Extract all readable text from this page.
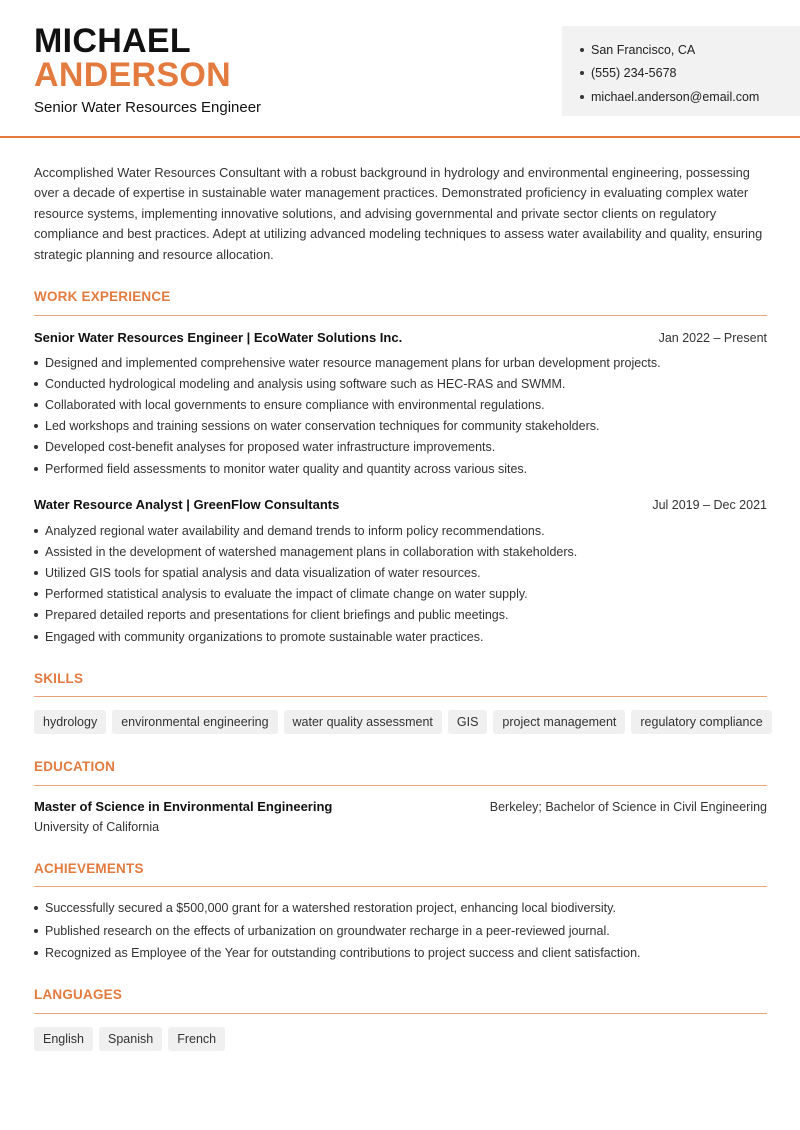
MICHAEL
ANDERSON
Senior Water Resources Engineer
San Francisco, CA
(555) 234-5678
michael.anderson@email.com

Accomplished Water Resources Consultant with a robust background in hydrology and environmental engineering, possessing over a decade of expertise in sustainable water management practices. Demonstrated proficiency in evaluating complex water resource systems, implementing innovative solutions, and advising governmental and private sector clients on regulatory compliance and best practices. Adept at utilizing advanced modeling techniques to assess water availability and quality, ensuring strategic planning and resource allocation.

WORK EXPERIENCE
Senior Water Resources Engineer | EcoWater Solutions Inc.	Jan 2022 – Present
Designed and implemented comprehensive water resource management plans for urban development projects.
Conducted hydrological modeling and analysis using software such as HEC-RAS and SWMM.
Collaborated with local governments to ensure compliance with environmental regulations.
Led workshops and training sessions on water conservation techniques for community stakeholders.
Developed cost-benefit analyses for proposed water infrastructure improvements.
Performed field assessments to monitor water quality and quantity across various sites.
Water Resource Analyst | GreenFlow Consultants	Jul 2019 – Dec 2021
Analyzed regional water availability and demand trends to inform policy recommendations.
Assisted in the development of watershed management plans in collaboration with stakeholders.
Utilized GIS tools for spatial analysis and data visualization of water resources.
Performed statistical analysis to evaluate the impact of climate change on water supply.
Prepared detailed reports and presentations for client briefings and public meetings.
Engaged with community organizations to promote sustainable water practices.
SKILLS
hydrology	environmental engineering	water quality assessment	GIS	project management	regulatory compliance
EDUCATION
Master of Science in Environmental Engineering	Berkeley; Bachelor of Science in Civil Engineering
University of California
ACHIEVEMENTS
Successfully secured a $500,000 grant for a watershed restoration project, enhancing local biodiversity.
Published research on the effects of urbanization on groundwater recharge in a peer-reviewed journal.
Recognized as Employee of the Year for outstanding contributions to project success and client satisfaction.
LANGUAGES
English	Spanish	French
